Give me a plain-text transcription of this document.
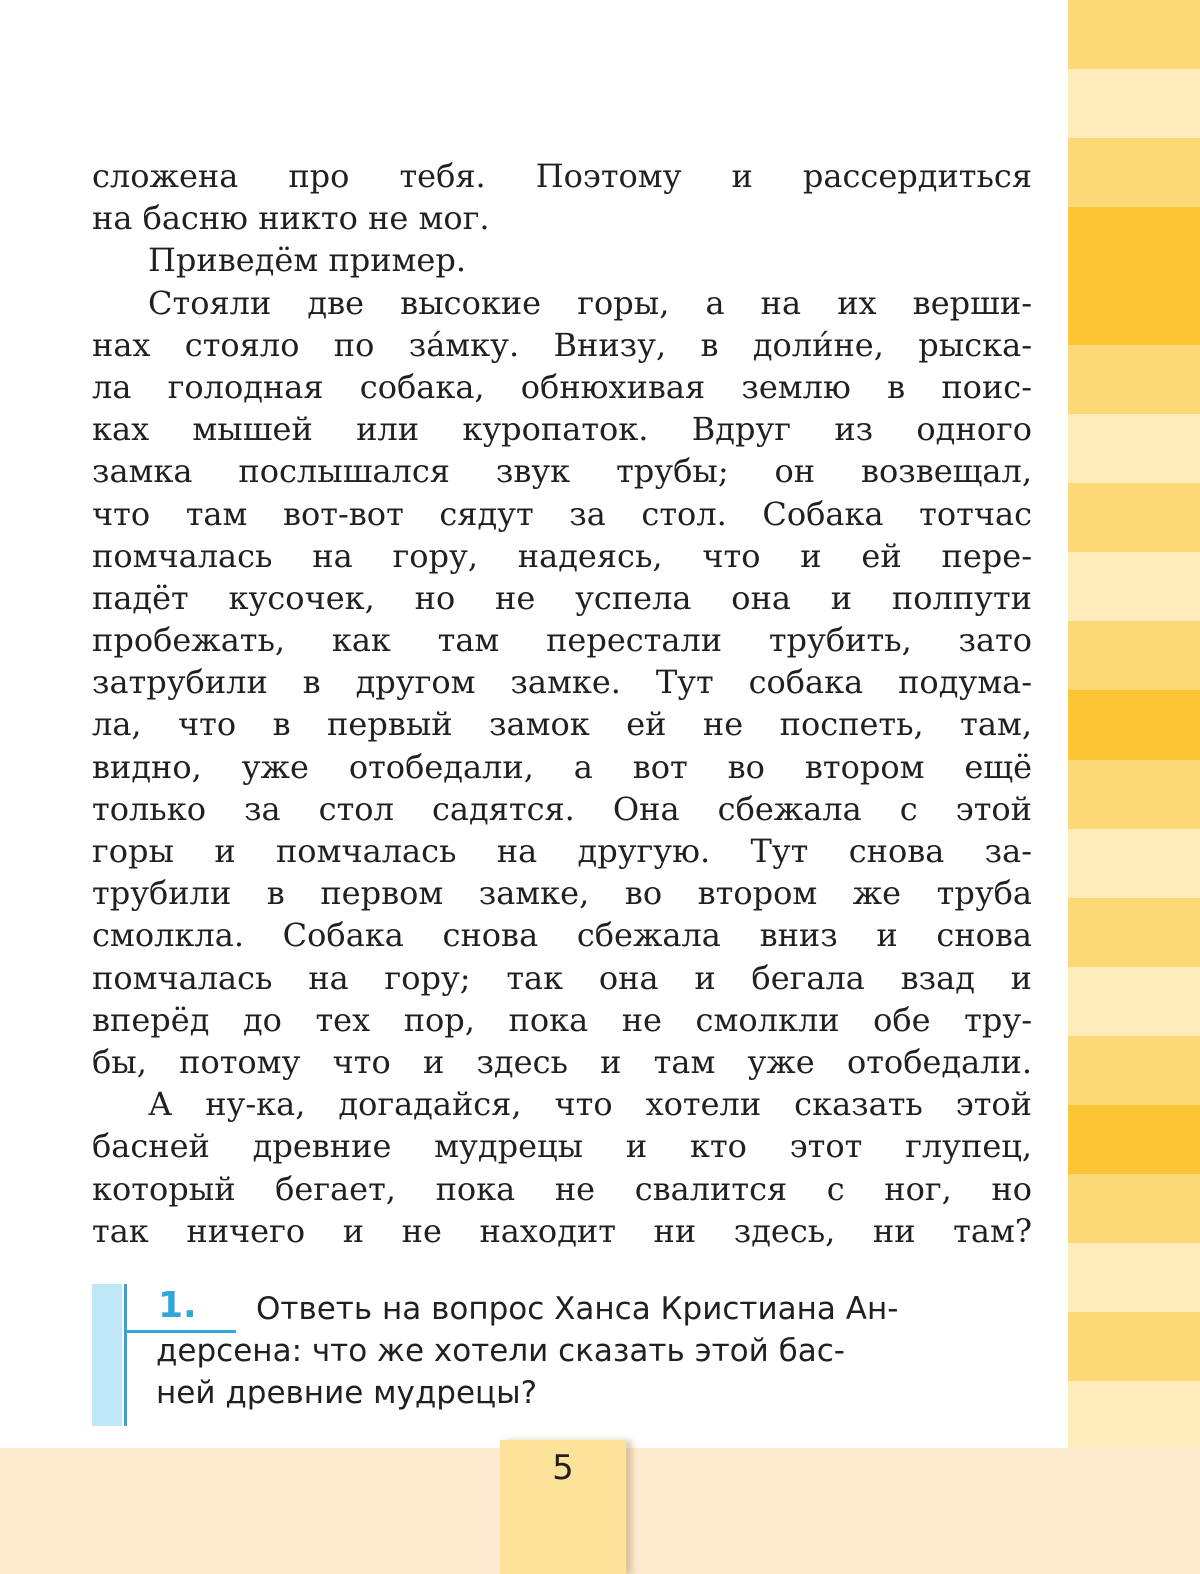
сложена про тебя. Поэтому и рассердиться
на басню никто не мог.
Приведём пример.
Стояли две высокие горы, а на их верши-
нах стояло по за́мку. Внизу, в доли́не, рыска-
ла голодная собака, обнюхивая землю в поис-
ках мышей или куропаток. Вдруг из одного
замка послышался звук трубы; он возвещал,
что там вот-вот сядут за стол. Собака тотчас
помчалась на гору, надеясь, что и ей пере-
падёт кусочек, но не успела она и полпути
пробежать, как там перестали трубить, зато
затрубили в другом замке. Тут собака подума-
ла, что в первый замок ей не поспеть, там,
видно, уже отобедали, а вот во втором ещё
только за стол садятся. Она сбежала с этой
горы и помчалась на другую. Тут снова за-
трубили в первом замке, во втором же труба
смолкла. Собака снова сбежала вниз и снова
помчалась на гору; так она и бегала взад и
вперёд до тех пор, пока не смолкли обе тру-
бы, потому что и здесь и там уже отобедали.
А ну-ка, догадайся, что хотели сказать этой
басней древние мудрецы и кто этот глупец,
который бегает, пока не свалится с ног, но
так ничего и не находит ни здесь, ни там?
1.	Ответь на вопрос Ханса Кристиана Ан-
дерсена: что же хотели сказать этой бас-
ней древние мудрецы?
5
